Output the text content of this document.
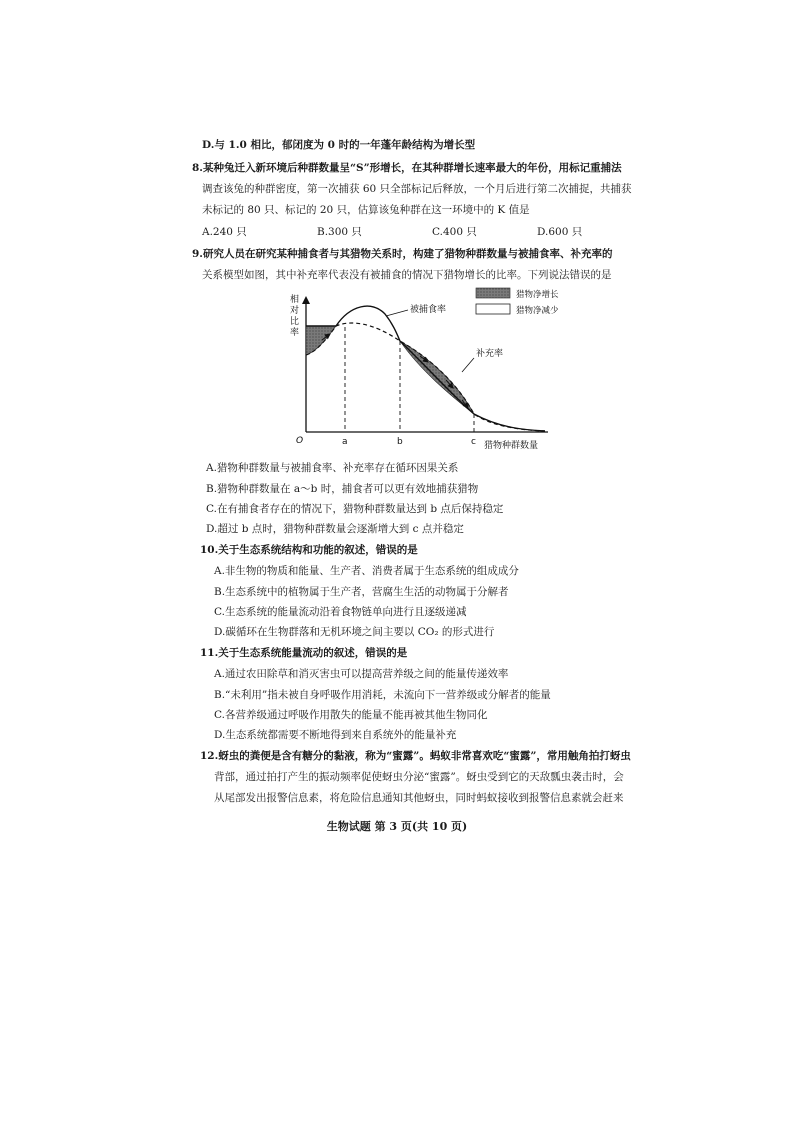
D.与 1.0 相比，郁闭度为 0 时的一年蓬年龄结构为增长型
8.某种兔迁入新环境后种群数量呈“S”形增长，在其种群增长速率最大的年份，用标记重捕法
调查该兔的种群密度，第一次捕获 60 只全部标记后释放，一个月后进行第二次捕捉，共捕获
未标记的 80 只、标记的 20 只，估算该兔种群在这一环境中的 K 值是
A.240 只	B.300 只	C.400 只	D.600 只
9.研究人员在研究某种捕食者与其猎物关系时，构建了猎物种群数量与被捕食率、补充率的
关系模型如图，其中补充率代表没有被捕食的情况下猎物增长的比率。下列说法错误的是
相
对
比
率
O	a	b	c 猎物种群数量
被捕食率
补充率
猎物净增长
猎物净减少
A.猎物种群数量与被捕食率、补充率存在循环因果关系
B.猎物种群数量在 a～b 时，捕食者可以更有效地捕获猎物
C.在有捕食者存在的情况下，猎物种群数量达到 b 点后保持稳定
D.超过 b 点时，猎物种群数量会逐渐增大到 c 点并稳定
10.关于生态系统结构和功能的叙述，错误的是
A.非生物的物质和能量、生产者、消费者属于生态系统的组成成分
B.生态系统中的植物属于生产者，营腐生生活的动物属于分解者
C.生态系统的能量流动沿着食物链单向进行且逐级递减
D.碳循环在生物群落和无机环境之间主要以 CO₂ 的形式进行
11.关于生态系统能量流动的叙述，错误的是
A.通过农田除草和消灭害虫可以提高营养级之间的能量传递效率
B.“未利用”指未被自身呼吸作用消耗，未流向下一营养级或分解者的能量
C.各营养级通过呼吸作用散失的能量不能再被其他生物同化
D.生态系统都需要不断地得到来自系统外的能量补充
12.蚜虫的粪便是含有糖分的黏液，称为“蜜露”。蚂蚁非常喜欢吃“蜜露”，常用触角拍打蚜虫
背部，通过拍打产生的振动频率促使蚜虫分泌“蜜露”。蚜虫受到它的天敌瓢虫袭击时，会
从尾部发出报警信息素，将危险信息通知其他蚜虫，同时蚂蚁接收到报警信息素就会赶来
生物试题 第 3 页(共 10 页)
